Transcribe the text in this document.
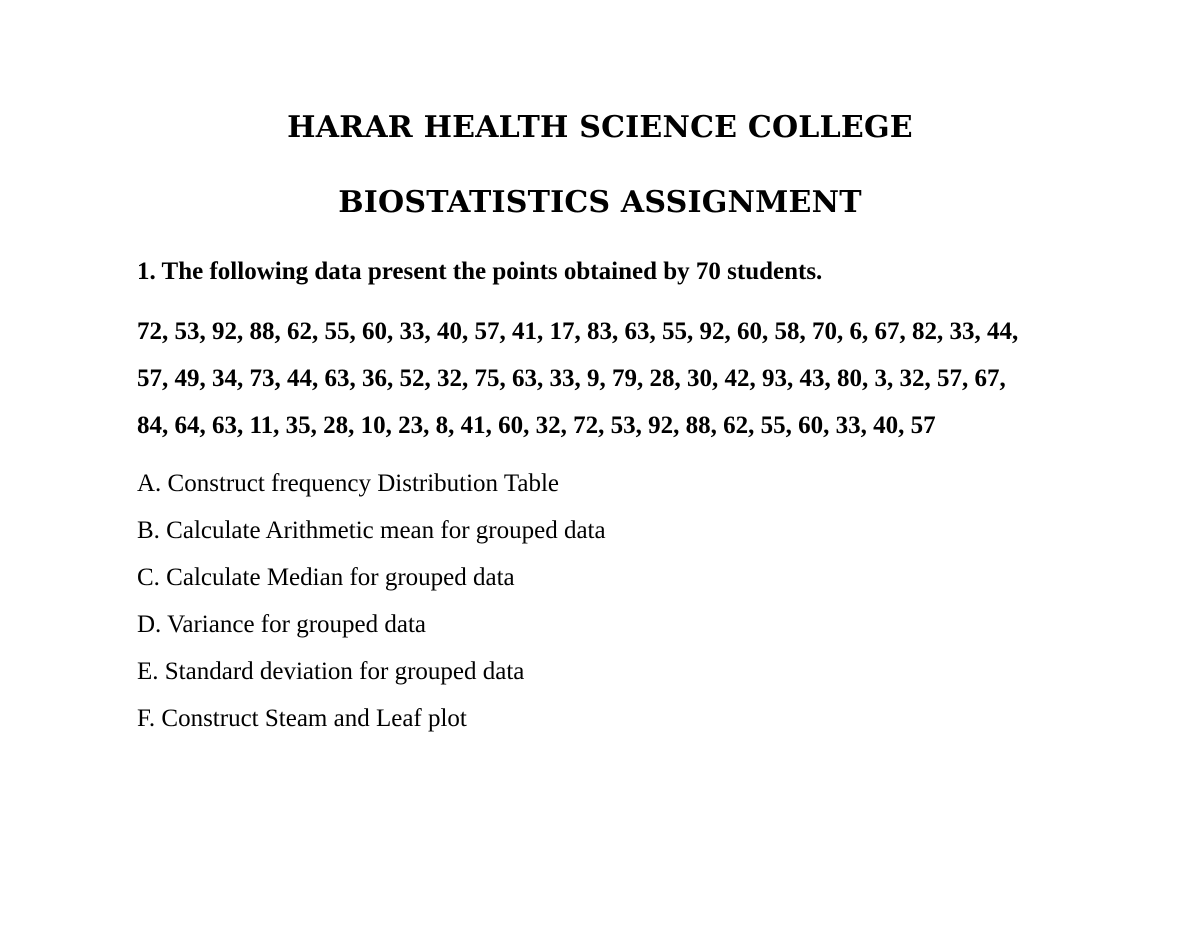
HARAR HEALTH SCIENCE COLLEGE
BIOSTATISTICS ASSIGNMENT
1. The following data present the points obtained by 70 students.
72, 53, 92, 88, 62, 55, 60, 33, 40, 57, 41, 17, 83, 63, 55, 92, 60, 58, 70, 6, 67, 82, 33, 44,
57, 49, 34, 73, 44, 63, 36, 52, 32, 75, 63, 33, 9, 79, 28, 30, 42, 93, 43, 80, 3, 32, 57, 67,
84, 64, 63, 11, 35, 28, 10, 23, 8, 41, 60, 32, 72, 53, 92, 88, 62, 55, 60, 33, 40, 57
A. Construct frequency Distribution Table
B. Calculate Arithmetic mean for grouped data
C. Calculate Median for grouped data
D. Variance for grouped data
E. Standard deviation for grouped data
F. Construct Steam and Leaf plot
